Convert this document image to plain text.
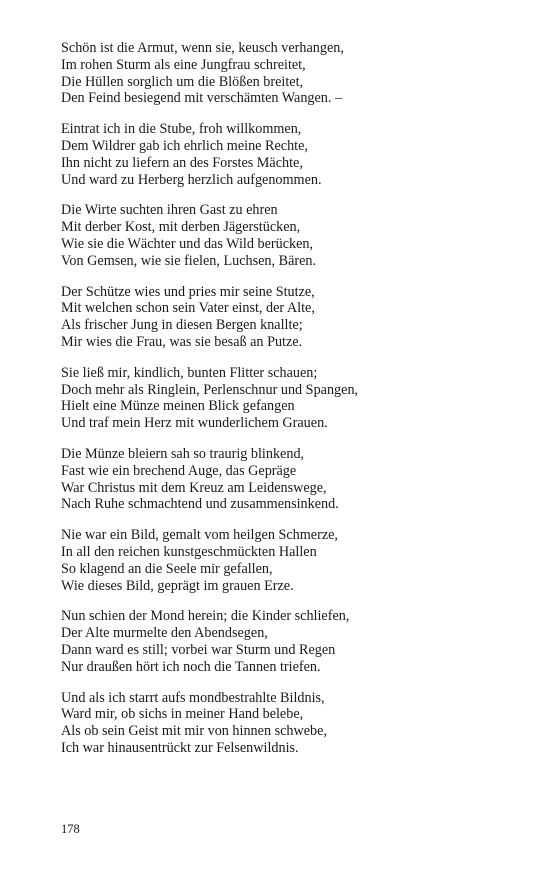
Schön ist die Armut, wenn sie, keusch verhangen,
Im rohen Sturm als eine Jungfrau schreitet,
Die Hüllen sorglich um die Blößen breitet,
Den Feind besiegend mit verschämten Wangen. –
Eintrat ich in die Stube, froh willkommen,
Dem Wildrer gab ich ehrlich meine Rechte,
Ihn nicht zu liefern an des Forstes Mächte,
Und ward zu Herberg herzlich aufgenommen.
Die Wirte suchten ihren Gast zu ehren
Mit derber Kost, mit derben Jägerstücken,
Wie sie die Wächter und das Wild berücken,
Von Gemsen, wie sie fielen, Luchsen, Bären.
Der Schütze wies und pries mir seine Stutze,
Mit welchen schon sein Vater einst, der Alte,
Als frischer Jung in diesen Bergen knallte;
Mir wies die Frau, was sie besaß an Putze.
Sie ließ mir, kindlich, bunten Flitter schauen;
Doch mehr als Ringlein, Perlenschnur und Spangen,
Hielt eine Münze meinen Blick gefangen
Und traf mein Herz mit wunderlichem Grauen.
Die Münze bleiern sah so traurig blinkend,
Fast wie ein brechend Auge, das Gepräge
War Christus mit dem Kreuz am Leidenswege,
Nach Ruhe schmachtend und zusammensinkend.
Nie war ein Bild, gemalt vom heilgen Schmerze,
In all den reichen kunstgeschmückten Hallen
So klagend an die Seele mir gefallen,
Wie dieses Bild, geprägt im grauen Erze.
Nun schien der Mond herein; die Kinder schliefen,
Der Alte murmelte den Abendsegen,
Dann ward es still; vorbei war Sturm und Regen
Nur draußen hört ich noch die Tannen triefen.
Und als ich starrt aufs mondbestrahlte Bildnis,
Ward mir, ob sichs in meiner Hand belebe,
Als ob sein Geist mit mir von hinnen schwebe,
Ich war hinausentrückt zur Felsenwildnis.
178
